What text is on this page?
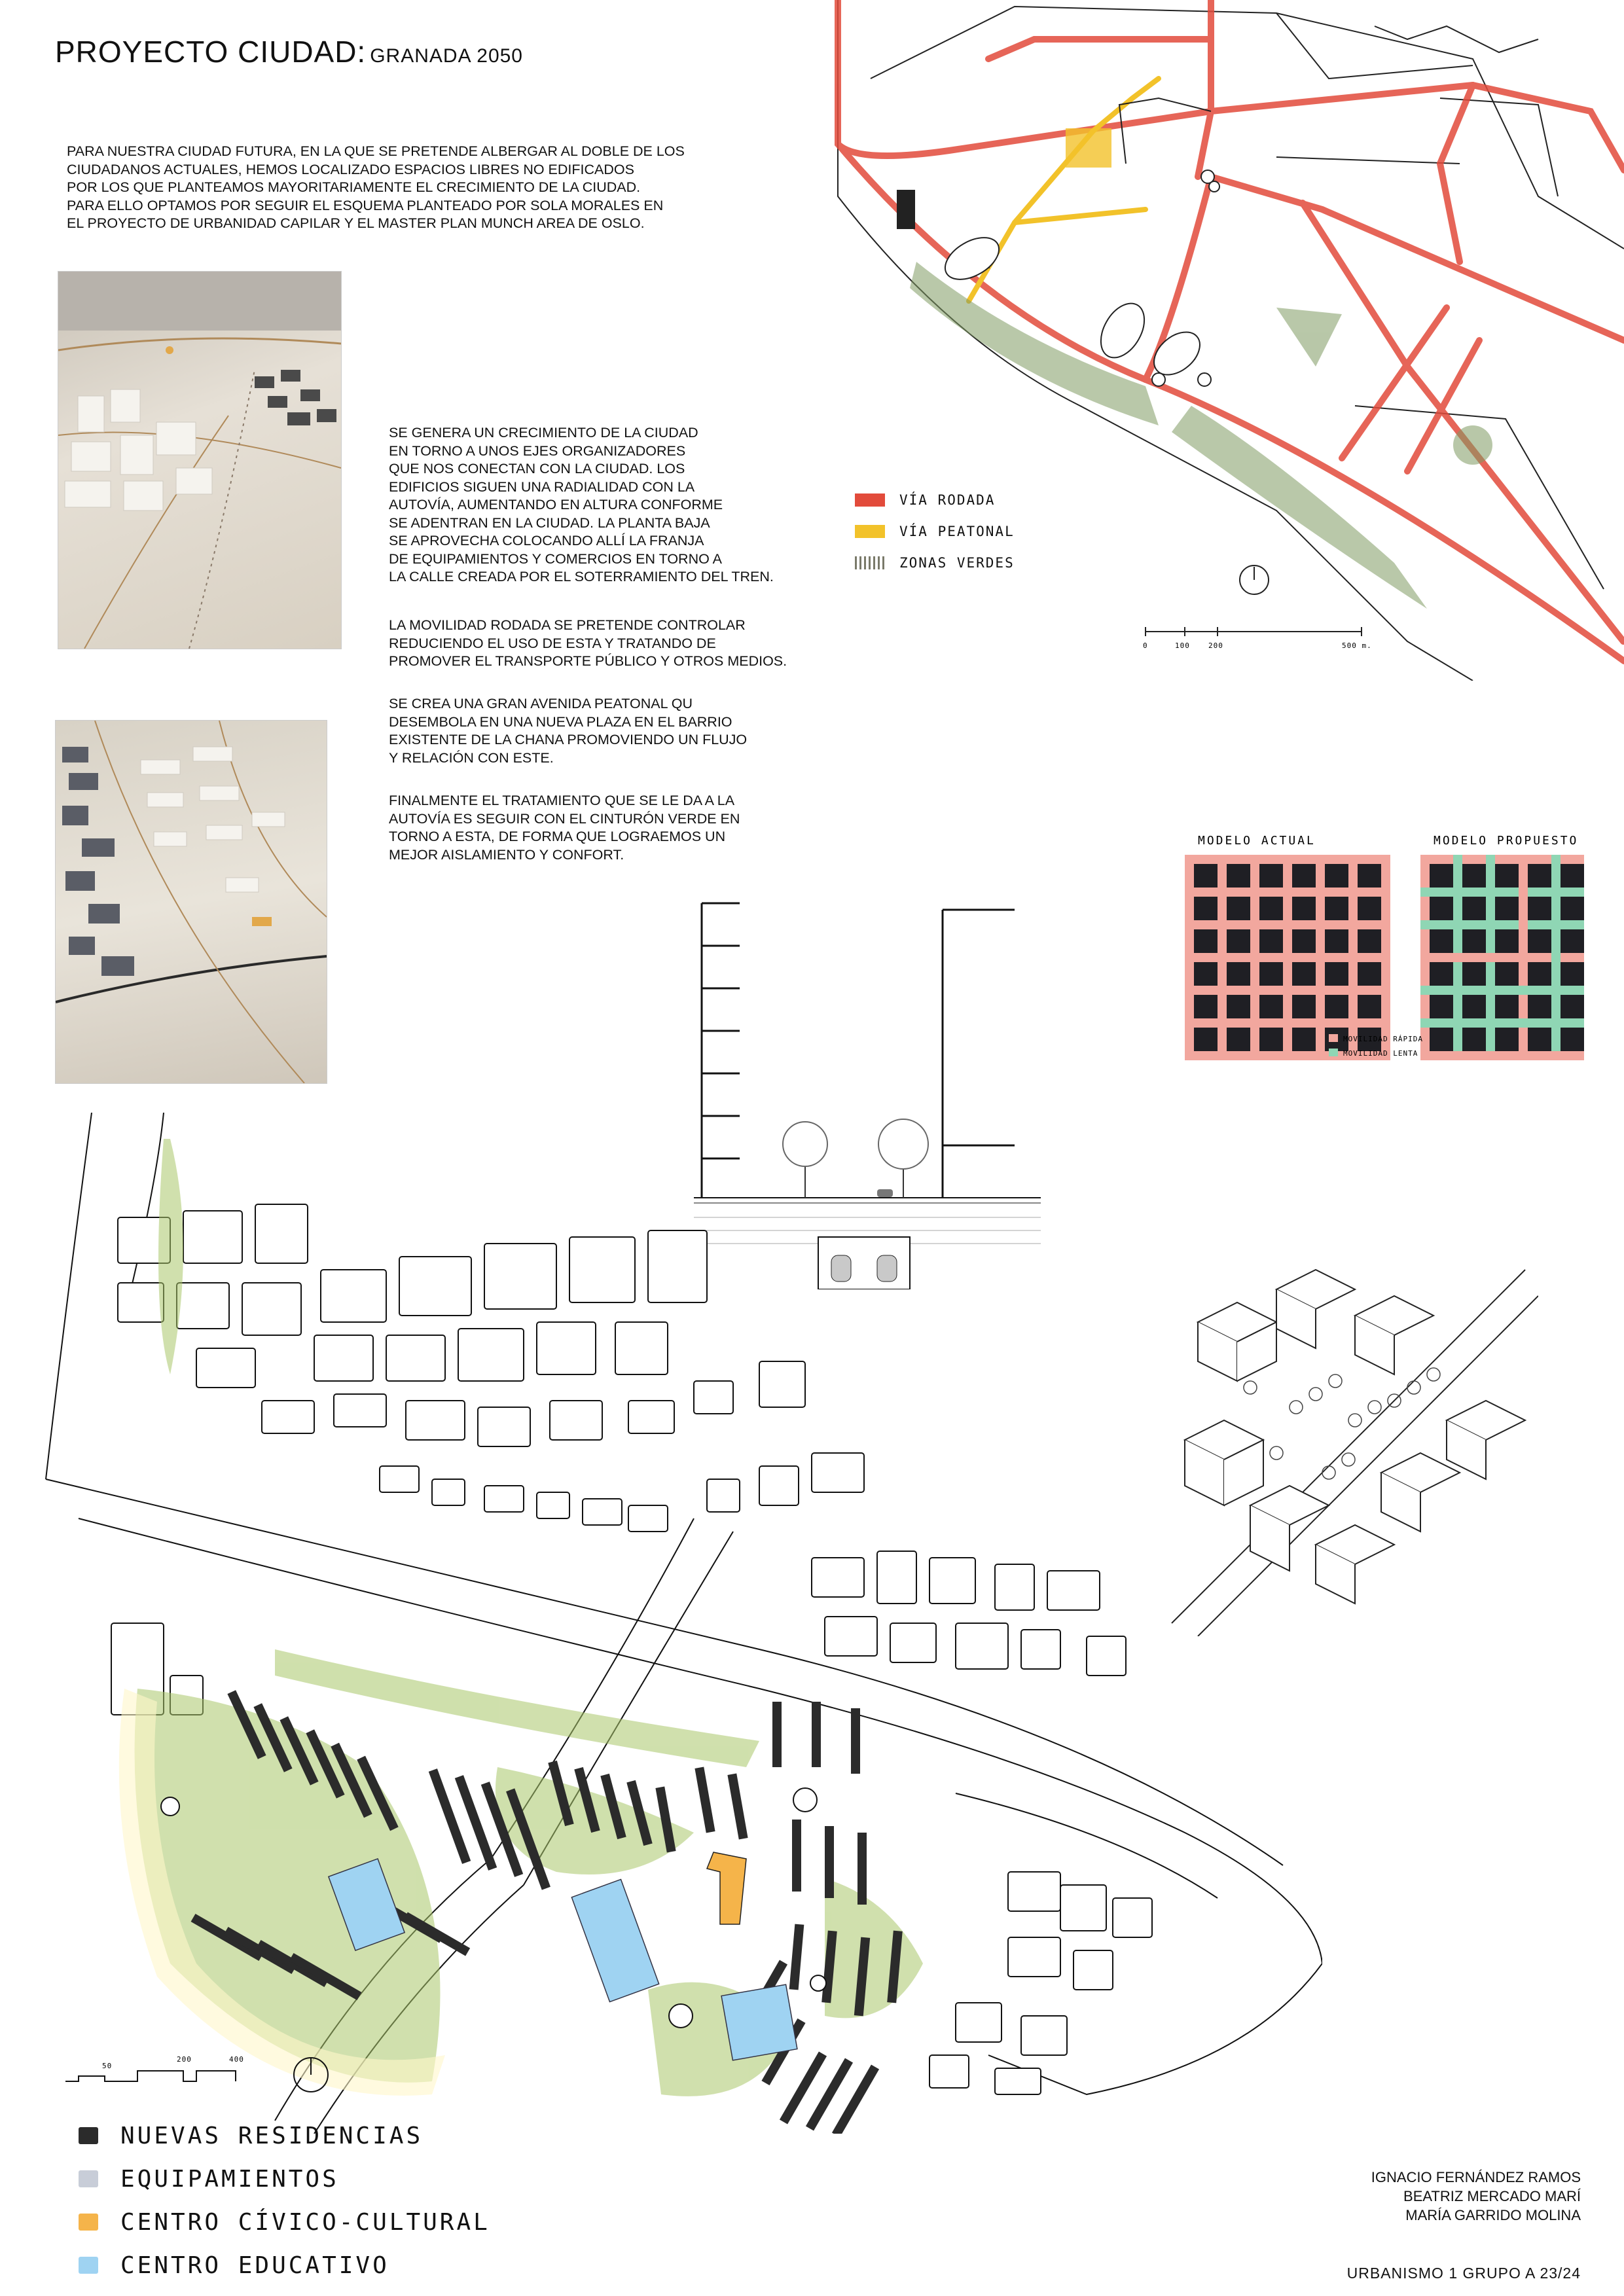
PROYECTO CIUDAD: GRANADA 2050
PARA NUESTRA CIUDAD FUTURA, EN LA QUE SE PRETENDE ALBERGAR AL DOBLE DE LOS
CIUDADANOS ACTUALES, HEMOS LOCALIZADO ESPACIOS LIBRES NO EDIFICADOS
POR LOS QUE PLANTEAMOS MAYORITARIAMENTE EL CRECIMIENTO DE LA CIUDAD.
PARA ELLO OPTAMOS POR SEGUIR EL ESQUEMA PLANTEADO POR SOLA MORALES EN
EL PROYECTO DE URBANIDAD CAPILAR Y EL MASTER PLAN MUNCH AREA DE OSLO.
SE GENERA UN CRECIMIENTO DE LA CIUDAD
EN TORNO A UNOS EJES ORGANIZADORES
QUE NOS CONECTAN CON LA CIUDAD. LOS
EDIFICIOS SIGUEN UNA RADIALIDAD CON LA
AUTOVÍA, AUMENTANDO EN ALTURA CONFORME
SE ADENTRAN EN LA CIUDAD. LA PLANTA BAJA
SE APROVECHA COLOCANDO ALLÍ LA FRANJA
DE EQUIPAMIENTOS Y COMERCIOS EN TORNO A
LA CALLE CREADA POR EL SOTERRAMIENTO DEL TREN.
LA MOVILIDAD RODADA SE PRETENDE CONTROLAR
REDUCIENDO EL USO DE ESTA Y TRATANDO DE
PROMOVER EL TRANSPORTE PÚBLICO Y OTROS MEDIOS.
SE CREA UNA GRAN AVENIDA PEATONAL QU
DESEMBOLA EN UNA NUEVA PLAZA EN EL BARRIO
EXISTENTE DE LA CHANA PROMOVIENDO UN FLUJO
Y RELACIÓN CON ESTE.
FINALMENTE EL TRATAMIENTO QUE SE LE DA A LA
AUTOVÍA ES SEGUIR CON EL CINTURÓN VERDE EN
TORNO A ESTA, DE FORMA QUE LOGRAEMOS UN
MEJOR AISLAMIENTO Y CONFORT.
0	100	200	500 m.
VÍA RODADA
VÍA PEATONAL
ZONAS VERDES
MODELO ACTUAL	MODELO PROPUESTO
MOVILIDAD RÁPIDA
MOVILIDAD LENTA
50
200	400
NUEVAS RESIDENCIAS
EQUIPAMIENTOS
CENTRO CÍVICO-CULTURAL
CENTRO EDUCATIVO
IGNACIO FERNÁNDEZ RAMOS
BEATRIZ MERCADO MARÍ
MARÍA GARRIDO MOLINA
URBANISMO 1 GRUPO A 23/24
